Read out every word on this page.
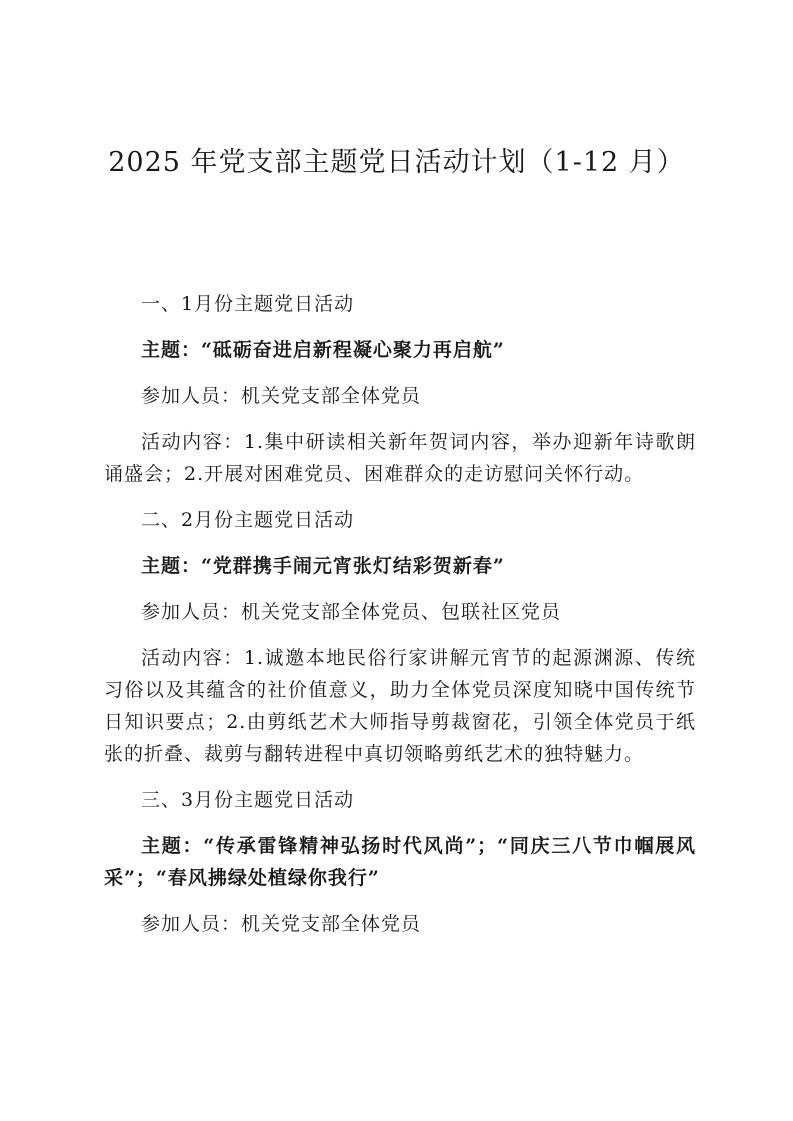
2025 年党支部主题党日活动计划（1-12 月）

一、1月份主题党日活动

主题：“砥砺奋进启新程凝心聚力再启航”

参加人员：机关党支部全体党员

活动内容：1.集中研读相关新年贺词内容，举办迎新年诗歌朗诵盛会；2.开展对困难党员、困难群众的走访慰问关怀行动。

二、2月份主题党日活动

主题：“党群携手闹元宵张灯结彩贺新春”

参加人员：机关党支部全体党员、包联社区党员

活动内容：1.诚邀本地民俗行家讲解元宵节的起源渊源、传统习俗以及其蕴含的社价值意义，助力全体党员深度知晓中国传统节日知识要点；2.由剪纸艺术大师指导剪裁窗花，引领全体党员于纸张的折叠、裁剪与翻转进程中真切领略剪纸艺术的独特魅力。

三、3月份主题党日活动

主题：“传承雷锋精神弘扬时代风尚”；“同庆三八节巾帼展风采”；“春风拂绿处植绿你我行”

参加人员：机关党支部全体党员
